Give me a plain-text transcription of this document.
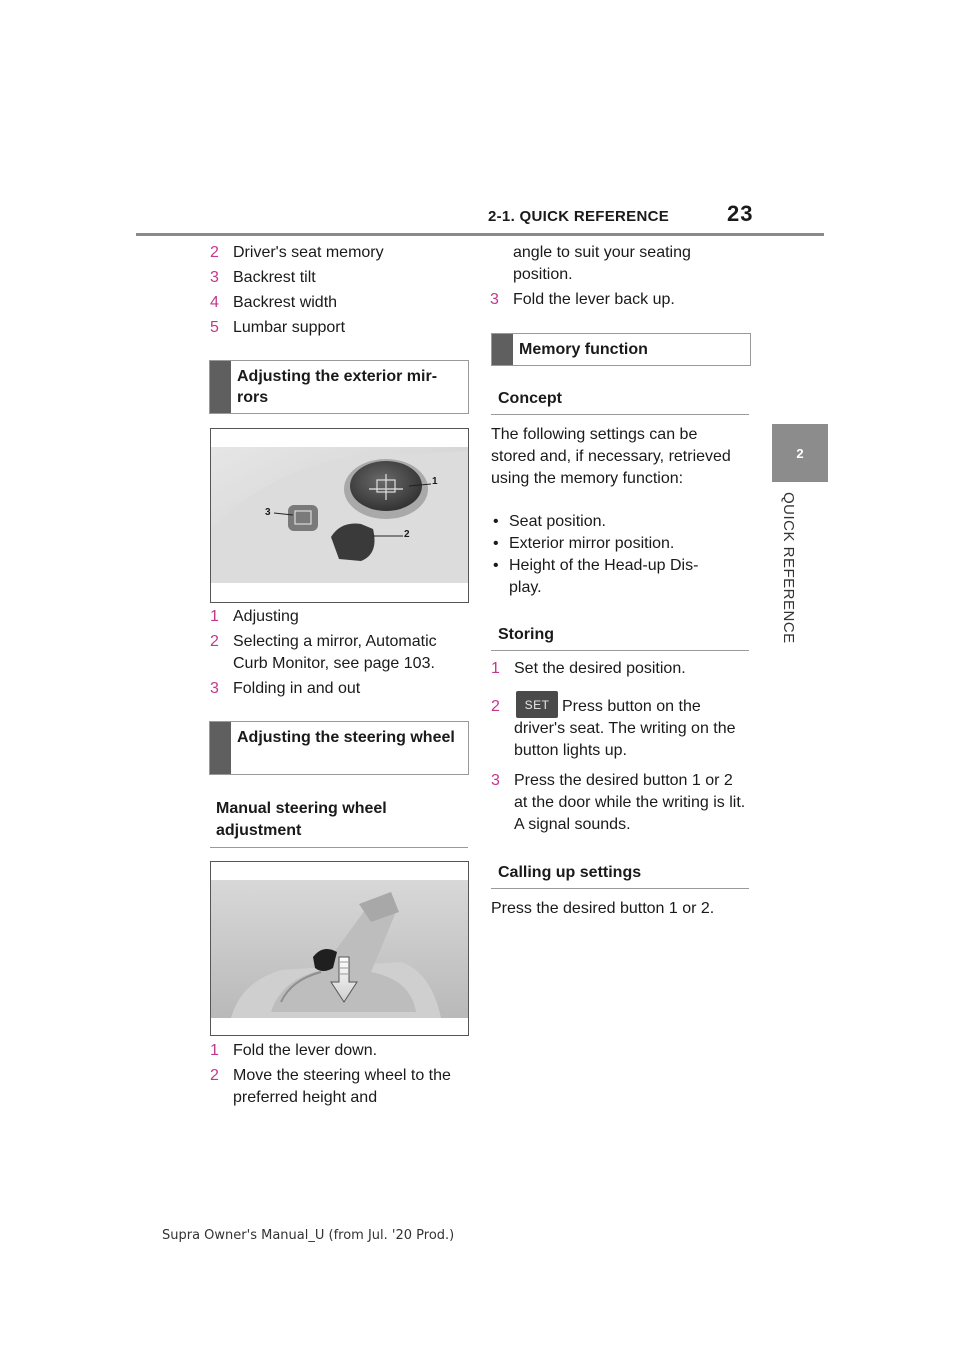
2-1. QUICK REFERENCE	23
2
QUICK REFERENCE
2 Driver's seat memory
3 Backrest tilt
4 Backrest width
5 Lumbar support
Adjusting the exterior mir-rors
1
2
3
1 Adjusting
2 Selecting a mirror, Automatic Curb Monitor, see page 103.
3 Folding in and out
Adjusting the steering wheel
Manual steering wheel adjustment
1 Fold the lever down.
2 Move the steering wheel to the preferred height and
angle to suit your seating position.
3 Fold the lever back up.
Memory function
Concept
The following settings can be stored and, if necessary, retrieved using the memory function:
• Seat position.
• Exterior mirror position.
• Height of the Head-up Dis-play.
Storing
1 Set the desired position.
2	Press button on the driver's seat. The writing on the button lights up.
SET
3 Press the desired button 1 or 2 at the door while the writing is lit. A signal sounds.
Calling up settings
Press the desired button 1 or 2.
Supra Owner's Manual_U (from Jul. '20 Prod.)
